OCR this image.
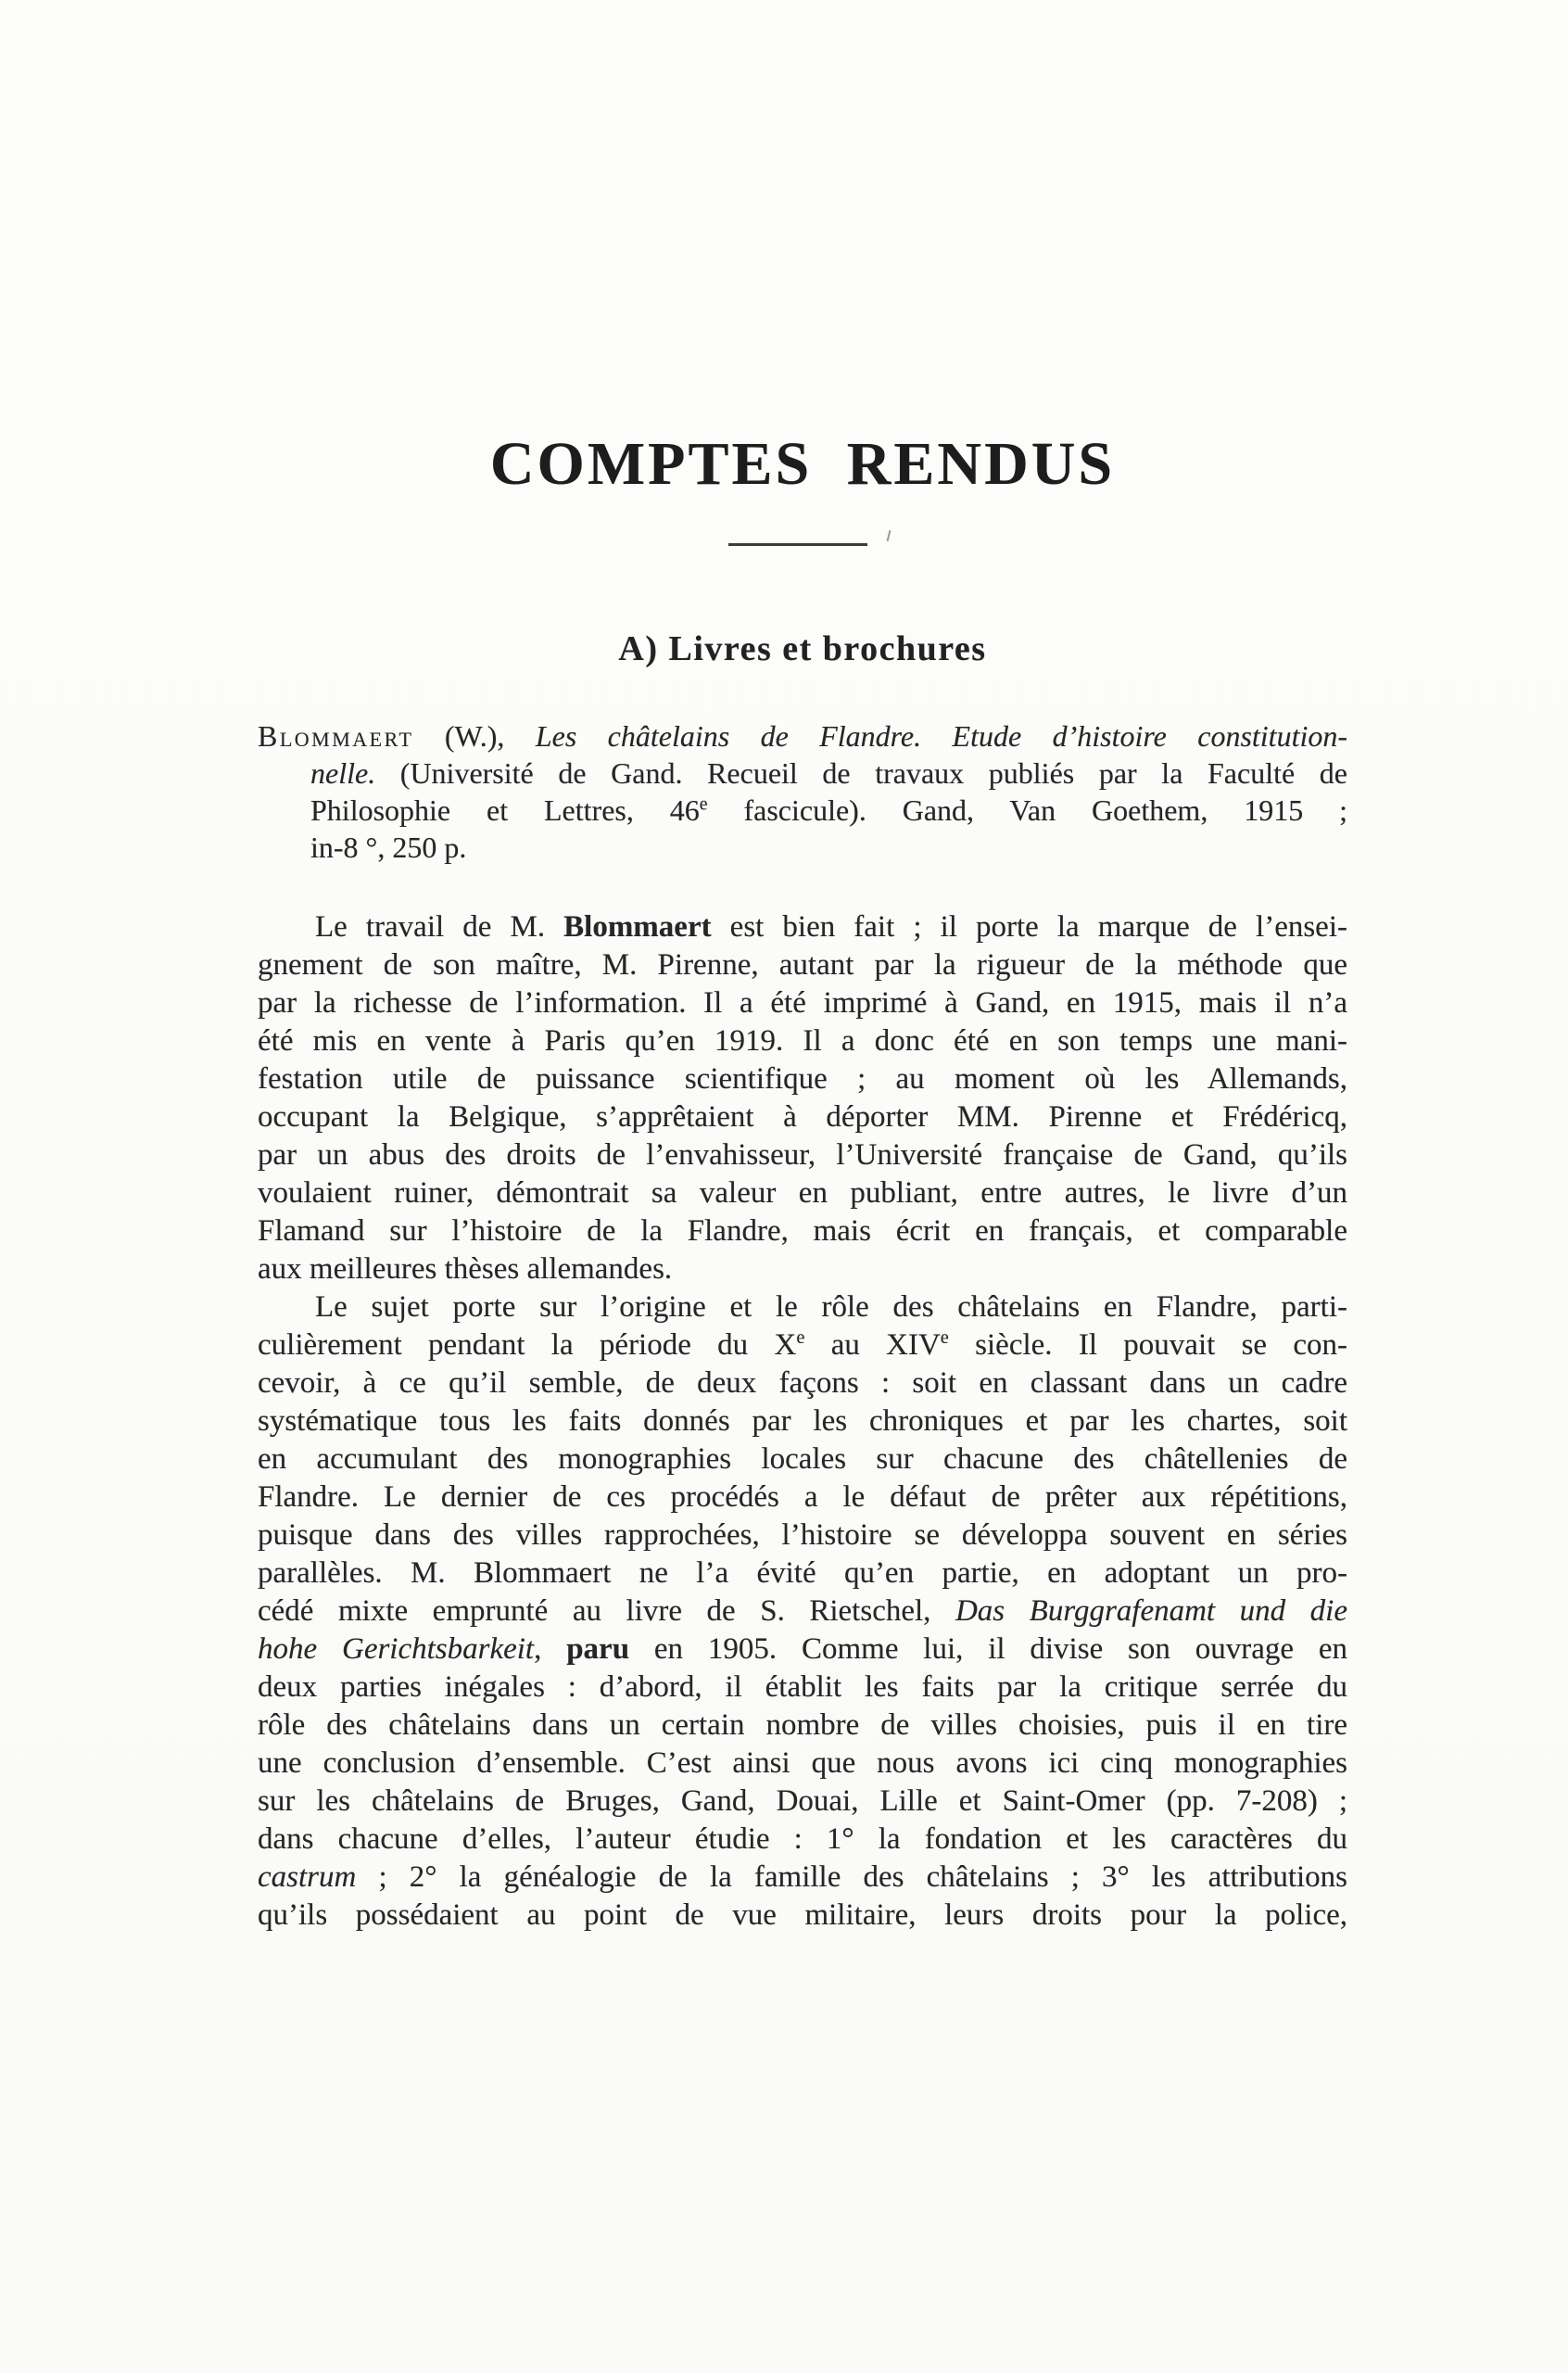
COMPTES RENDUS
A) Livres et brochures
Blommaert (W.), Les châtelains de Flandre. Etude d’histoire constitution-
nelle. (Université de Gand. Recueil de travaux publiés par la Faculté de
Philosophie et Lettres, 46e fascicule). Gand, Van Goethem, 1915 ;
in-8 °, 250 p.
Le travail de M. Blommaert est bien fait ; il porte la marque de l’ensei-
gnement de son maître, M. Pirenne, autant par la rigueur de la méthode que
par la richesse de l’information. Il a été imprimé à Gand, en 1915, mais il n’a
été mis en vente à Paris qu’en 1919. Il a donc été en son temps une mani-
festation utile de puissance scientifique ; au moment où les Allemands,
occupant la Belgique, s’apprêtaient à déporter MM. Pirenne et Frédéricq,
par un abus des droits de l’envahisseur, l’Université française de Gand, qu’ils
voulaient ruiner, démontrait sa valeur en publiant, entre autres, le livre d’un
Flamand sur l’histoire de la Flandre, mais écrit en français, et comparable
aux meilleures thèses allemandes.
Le sujet porte sur l’origine et le rôle des châtelains en Flandre, parti-
culièrement pendant la période du Xe au XIVe siècle. Il pouvait se con-
cevoir, à ce qu’il semble, de deux façons : soit en classant dans un cadre
systématique tous les faits donnés par les chroniques et par les chartes, soit
en accumulant des monographies locales sur chacune des châtellenies de
Flandre. Le dernier de ces procédés a le défaut de prêter aux répétitions,
puisque dans des villes rapprochées, l’histoire se développa souvent en séries
parallèles. M. Blommaert ne l’a évité qu’en partie, en adoptant un pro-
cédé mixte emprunté au livre de S. Rietschel, Das Burggrafenamt und die
hohe Gerichtsbarkeit, paru en 1905. Comme lui, il divise son ouvrage en
deux parties inégales : d’abord, il établit les faits par la critique serrée du
rôle des châtelains dans un certain nombre de villes choisies, puis il en tire
une conclusion d’ensemble. C’est ainsi que nous avons ici cinq monographies
sur les châtelains de Bruges, Gand, Douai, Lille et Saint-Omer (pp. 7-208) ;
dans chacune d’elles, l’auteur étudie : 1° la fondation et les caractères du
castrum ; 2° la généalogie de la famille des châtelains ; 3° les attributions
qu’ils possédaient au point de vue militaire, leurs droits pour la police,
